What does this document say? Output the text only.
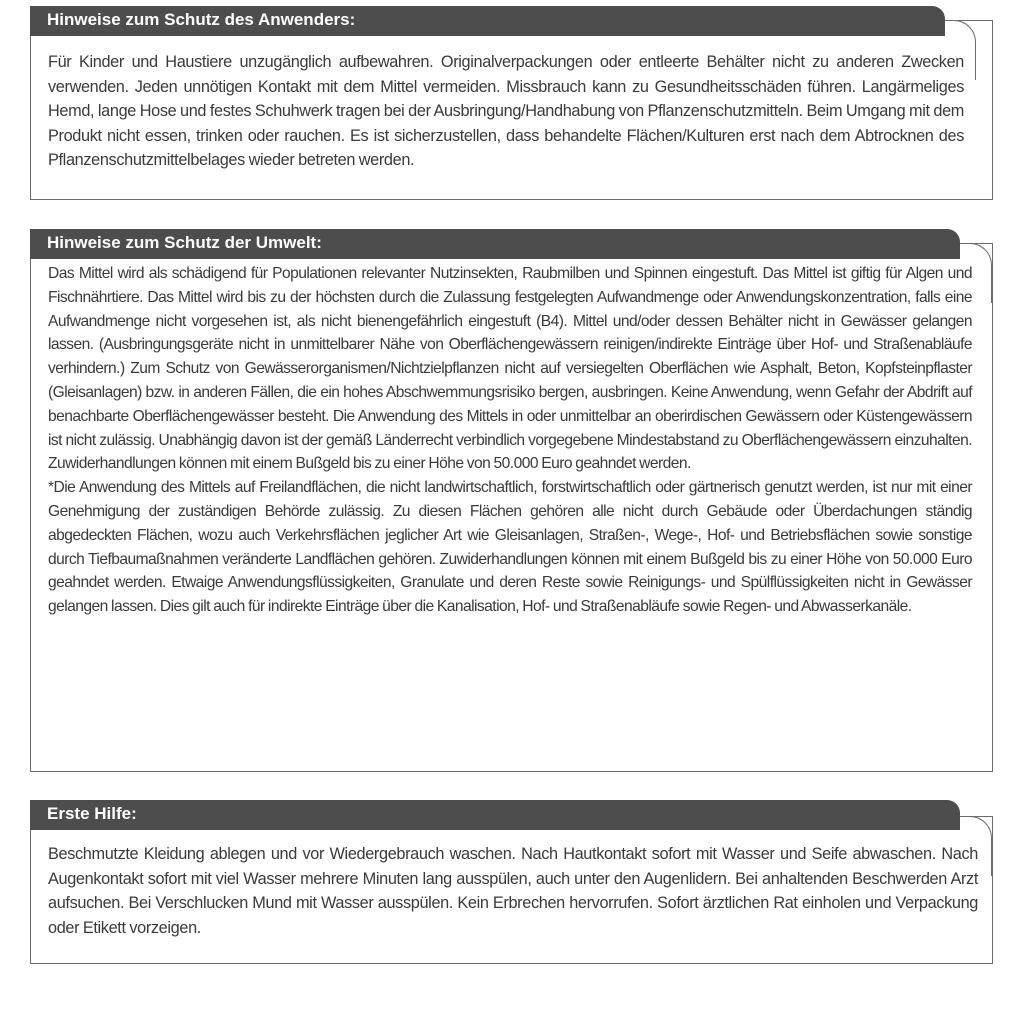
Hinweise zum Schutz des Anwenders:

Für Kinder und Haustiere unzugänglich aufbewahren. Originalverpackungen oder entleerte Behälter nicht zu anderen Zwecken verwenden. Jeden unnötigen Kontakt mit dem Mittel vermeiden. Missbrauch kann zu Gesundheitsschäden führen. Langärmeliges Hemd, lange Hose und festes Schuhwerk tragen bei der Ausbringung/Handhabung von Pflanzenschutzmitteln. Beim Umgang mit dem Produkt nicht essen, trinken oder rauchen. Es ist sicherzustellen, dass behandelte Flächen/Kulturen erst nach dem Abtrocknen des Pflanzenschutzmittelbelages wieder betreten werden.

Hinweise zum Schutz der Umwelt:

Das Mittel wird als schädigend für Populationen relevanter Nutzinsekten, Raubmilben und Spinnen eingestuft. Das Mittel ist giftig für Algen und Fischnährtiere. Das Mittel wird bis zu der höchsten durch die Zulassung festgelegten Aufwandmenge oder Anwendungskonzentration, falls eine Aufwandmenge nicht vorgesehen ist, als nicht bienengefährlich eingestuft (B4). Mittel und/oder dessen Behälter nicht in Gewässer gelangen lassen. (Ausbringungsgeräte nicht in unmittelbarer Nähe von Oberflächengewässern reinigen/indirekte Einträge über Hof- und Straßenabläufe verhindern.) Zum Schutz von Gewässerorganismen/Nichtzielpflanzen nicht auf versiegelten Oberflächen wie Asphalt, Beton, Kopfsteinpflaster (Gleisanlagen) bzw. in anderen Fällen, die ein hohes Abschwemmungsrisiko bergen, ausbringen. Keine Anwendung, wenn Gefahr der Abdrift auf benachbarte Oberflächengewässer besteht. Die Anwendung des Mittels in oder unmittelbar an oberirdischen Gewässern oder Küstengewässern ist nicht zulässig. Unabhängig davon ist der gemäß Länderrecht verbindlich vorgegebene Mindestabstand zu Oberflächengewässern einzuhalten. Zuwiderhandlungen können mit einem Bußgeld bis zu einer Höhe von 50.000 Euro geahndet werden.

*Die Anwendung des Mittels auf Freilandflächen, die nicht landwirtschaftlich, forstwirtschaftlich oder gärtnerisch genutzt werden, ist nur mit einer Genehmigung der zuständigen Behörde zulässig. Zu diesen Flächen gehören alle nicht durch Gebäude oder Überdachungen ständig abgedeckten Flächen, wozu auch Verkehrsflächen jeglicher Art wie Gleisanlagen, Straßen-, Wege-, Hof- und Betriebsflächen sowie sonstige durch Tiefbaumaßnahmen veränderte Landflächen gehören. Zuwiderhandlungen können mit einem Bußgeld bis zu einer Höhe von 50.000 Euro geahndet werden. Etwaige Anwendungsflüssigkeiten, Granulate und deren Reste sowie Reinigungs- und Spülflüssigkeiten nicht in Gewässer gelangen lassen. Dies gilt auch für indirekte Einträge über die Kanalisation, Hof- und Straßenabläufe sowie Regen- und Abwasserkanäle.

Erste Hilfe:

Beschmutzte Kleidung ablegen und vor Wiedergebrauch waschen. Nach Hautkontakt sofort mit Wasser und Seife abwaschen. Nach Augenkontakt sofort mit viel Wasser mehrere Minuten lang ausspülen, auch unter den Augenlidern. Bei anhaltenden Beschwerden Arzt aufsuchen. Bei Verschlucken Mund mit Wasser ausspülen. Kein Erbrechen hervorrufen. Sofort ärztlichen Rat einholen und Verpackung oder Etikett vorzeigen.
